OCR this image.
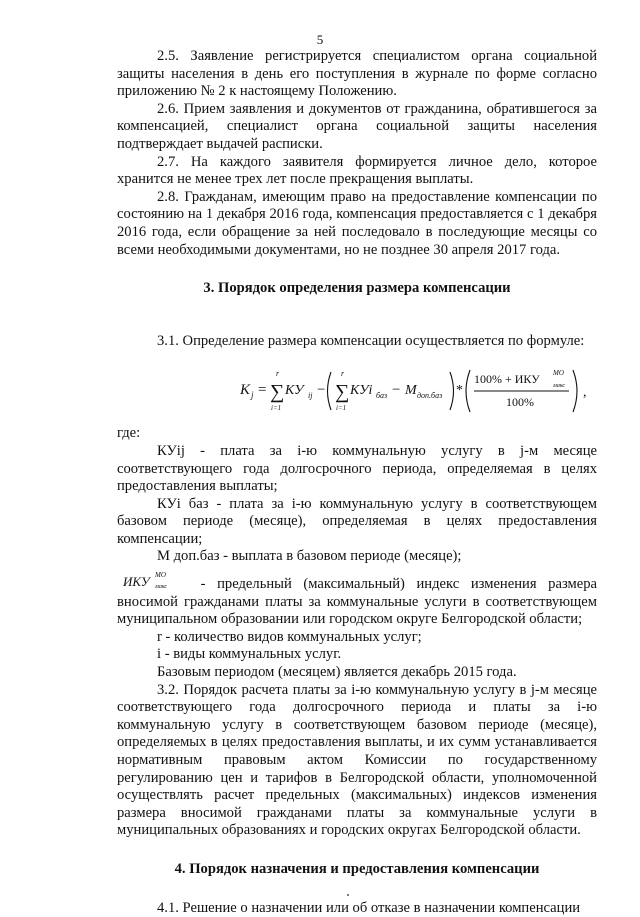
5

2.5. Заявление регистрируется специалистом органа социальной защиты населения в день его поступления в журнале по форме согласно приложению № 2 к настоящему Положению.

2.6. Прием заявления и документов от гражданина, обратившегося за компенсацией, специалист органа социальной защиты населения подтверждает выдачей расписки.

2.7. На каждого заявителя формируется личное дело, которое хранится не менее трех лет после прекращения выплаты.

2.8. Гражданам, имеющим право на предоставление компенсации по состоянию на 1 декабря 2016 года, компенсация предоставляется с 1 декабря 2016 года, если обращение за ней последовало в последующие месяцы со всеми необходимыми документами, но не позднее 30 апреля 2017 года.

3. Порядок определения размера компенсации

3.1. Определение размера компенсации осуществляется по формуле:

K j =
r
∑
i=1
КУ ij −
r
∑
i=1
КУi баз − М доп.баз *
100% + ИКУ МО
макс
100%
,

где:

КУij - плата за i-ю коммунальную услугу в j-м месяце соответствующего года долгосрочного периода, определяемая в целях предоставления выплаты;

КУi баз - плата за i-ю коммунальную услугу в соответствующем базовом периоде (месяце), определяемая в целях предоставления компенсации;

М доп.баз - выплата в базовом периоде (месяце);

ИКУ МО
макс - предельный (максимальный) индекс изменения размера вносимой гражданами платы за коммунальные услуги в соответствующем муниципальном образовании или городском округе Белгородской области;

r - количество видов коммунальных услуг;

i - виды коммунальных услуг.

Базовым периодом (месяцем) является декабрь 2015 года.

3.2. Порядок расчета платы за i-ю коммунальную услугу в j-м месяце соответствующего года долгосрочного периода и платы за i-ю коммунальную услугу в соответствующем базовом периоде (месяце), определяемых в целях предоставления выплаты, и их сумм устанавливается нормативным правовым актом Комиссии по государственному регулированию цен и тарифов в Белгородской области, уполномоченной осуществлять расчет предельных (максимальных) индексов изменения размера вносимой гражданами платы за коммунальные услуги в муниципальных образованиях и городских округах Белгородской области.

4. Порядок назначения и предоставления компенсации

4.1. Решение о назначении или об отказе в назначении компенсации
